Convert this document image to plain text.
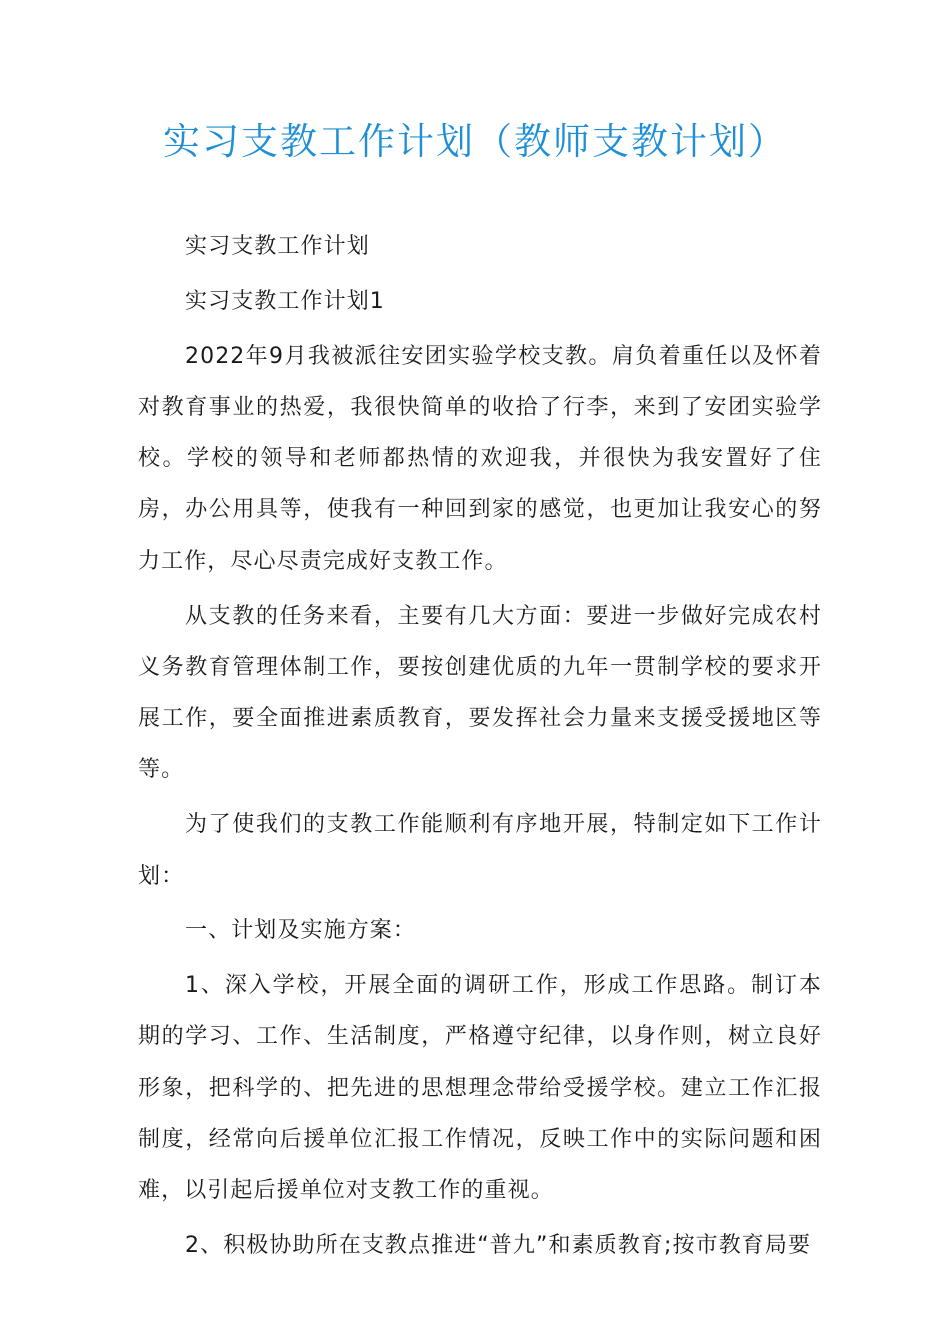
实习支教工作计划（教师支教计划）

实习支教工作计划

实习支教工作计划1

2022年9月我被派往安团实验学校支教。肩负着重任以及怀着对教育事业的热爱，我很快简单的收拾了行李，来到了安团实验学校。学校的领导和老师都热情的欢迎我，并很快为我安置好了住房，办公用具等，使我有一种回到家的感觉，也更加让我安心的努力工作，尽心尽责完成好支教工作。

从支教的任务来看，主要有几大方面：要进一步做好完成农村义务教育管理体制工作，要按创建优质的九年一贯制学校的要求开展工作，要全面推进素质教育，要发挥社会力量来支援受援地区等等。

为了使我们的支教工作能顺利有序地开展，特制定如下工作计划：

一、计划及实施方案：

1、深入学校，开展全面的调研工作，形成工作思路。制订本期的学习、工作、生活制度，严格遵守纪律，以身作则，树立良好形象，把科学的、把先进的思想理念带给受援学校。建立工作汇报制度，经常向后援单位汇报工作情况，反映工作中的实际问题和困难，以引起后援单位对支教工作的重视。

2、积极协助所在支教点推进“普九”和素质教育;按市教育局要
